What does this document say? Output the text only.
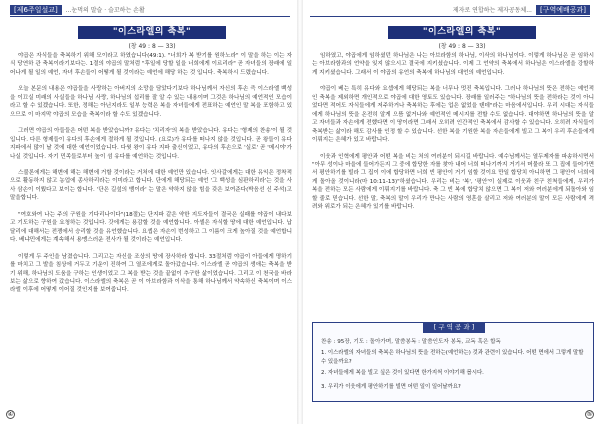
[제6주일설교]	...눈먹의 말슬 · 슬꼬하는 손활
"이스라엘의 축복"
(창 49 : 8 — 33)

야곱은 자식들을 축복하기 위해 모이라고 하였습니다(49:1). "너희가 복 받기를 원하노라" 이 말을 하는 이는 자식 당연하 관 축복이라기보다는. 1절의 야곱의 말처럼 "후일에 당할 일을 너희에게 이르리라" 곧 자녀들의 장래에 일어나게 될 일의 예언, 자녀 후손들이 어떻게 될 것이라는 예언에 해당 하는 것 입니다. 축복하시 드렸습니다.

오늘 본문의 내용은 야곱들을 사랑하는 아버지의 소망을 담았다기보다 하나님께서 자신의 후손 즉 이스라엘 백성을 이끄실 미래의 사실들을 하나님 사랑, 하나님의 섭리를 잘 알 수 있는 내용이며 그것은 하나님의 예언적인 모습이라고 할 수 있겠습니다. 또한, 정해는 아닌지라도 일부 능력은 복을 자녀들에게 전표하는 예언인 말 복을 포함하고 있으므로 이 마지막 야곱의 모습을 축복이라 할 수도 있겠습니다.

그러면 야곱의 아들들은 어떤 복을 받았습니까? 유다는 '치리자'의 복을 받았습니다. 유다는 '형제의 찬송'이 될 것입니다. 다른 형제들이 유다의 후손에게 절하게 될 것입니다. (요로)가 유다를 떠나지 않을 것입니다. 곧 왕들이 유다 지파에서 많이 날 것에 대한 예언이었습니다. 다윗 왕이 유다 지파 출신이었고, 유다의 후손으로 '실로' 곧 '메시야'가 나실 것입니다. 자기 민족들로부터 높이 섬 유다를 예언하는 것입니다.

스불론에게는 해변에 해는 해변에 거할 것이라는 거처에 대한 예언만 있습니다. 잇사갈에게는 대한 유익은 정착적으로 활동하지 않고 농업에 종사하리라는 이미라고 합니다. 단에게 해당되는 예언 '그 백성을 심판하리라'는 것을 사사 삼손이 이뤘다고 보이는 합니다. '단은 길섶의 뱀이라' 는 말은 약하지 않을 힘을 갖은 보여준다(박음선 신 주석)고 말을합니다.

"여호와여 나는 주의 구원을 기다리나이다"(18절)는 단지파 같은 약한 지도자들이 결국은 실패를 야곱이 내다보고 기도하는 구원을 요청하는 것입니다. 갓에게는 용감할 것을 예언합니다. 아셀은 자식할 땅에 대한 예언입니다. 납달리에 대해서는 전쟁에서 승리할 것을 유언했습니다. 요셉은 자손이 번성하고 그 이름이 크게 높아질 것을 예언합니다. 베냐민에게는 계속해서 용맹스러운 전사가 될 것이라는 예언입니다.

이렇게 두 주인을 남겼습니다. 그리고는 자신을 조상의 땅에 장사하라 합니다. 33절처럼 야곱이 아들에게 명하기를 마치고 그 발을 침상에 거두고 기운이 진하여 그 열조에게로 돌아갔습니다. 이스라엘 곧 야곱의 생애는 축복을 받기 위해, 하나님의 도움을 구하는 인생이었고 그 복을 받는 것을 끝없이 추구한 삶이었습니다. 그리고 이 천국을 바라보는 삶으로 향하여 갔습니다. 이스라엘의 축복은 곧 이 아브라함과 이삭을 통해 하나님께서 약속하신 축복이며 이스라엘 이후에 어떻게 이어질 것인지를 보여줍니다.

④
제자로 연합하는 제자공동체...	[구역예배공과]
"이스라엘의 축복"
(창 49 : 8 — 33)

임하였고, 야곱에게 임하셨던 하나님은 나는 아브라함의 하나님, 이삭의 하나님이다. 이렇게 하나님은 곧 임하시는 아브라함과의 언약을 잊지 않으시고 결국에 지키셨습니다. 이제 그 언약의 축복에서 하나님은 이스라엘을 강할하게 지키셨습니다. 그래서 이 야곱의 유언의 축복에 하나님의 대언의 예언입니다.

야곱이 베는 특히 유다와 요셉에게 해당되는 복을 너무나 멋진 축복입니다. 그러나 하나님의 뜻은 전하는 예언적인 축복을 제외하면 개인적으로 야곱에 대한 영토도 있습니다. 장래를 일러주는 "하나님의 뜻을 전하라는 것이 아니었다면 적어도 자식들에게 저주하거나 축복하는 후에는 업은 없었을 텐데"라는 마음에서입니다. 우리 시대는 자식들에게 하나님의 뜻을 온전히 알게 으뜸 없거나와 예언적인 메시지를 전할 수도 없습니다. 대야하면 하나님의 뜻을 알고 자녀들과 자손에게 전했다면 이 땅이라면 그래서 오히려 인간적인 축복에서 감사할 수 있습니다. 오히려 자식들이 축복받는 삶이라 해도 감사를 인정 할 수 있습니다. 선한 복을 기원한 복을 자손들에게 빌고 그 복이 우리 후손들에게 이뤄지는 은혜가 있고 바랍니다.

이웃과 인혁에게 평안과 어떤 복을 비는 처의 여러분이 되시길 바랍니다. 예수님께서는 열두제자를 파송하시면서 "아무 성이나 마을에 들어가든지 그 중에 합당한 자를 찾아 내어 너희 떠나기까지 거기서 머물라 또 그 집에 들어가면서 평안하기를 빌라 그 집이 이에 합당하면 너희 빈 평안이 거기 임할 것이요 만일 합당치 아니하면 그 평안이 너희에게 돌아올 것이니라(마 10:11-13)"하셨습니다. 우리는 비는 '복', '평안'이 실제로 이웃과 친구 친척들에게, 우리가 복을 전하는 모든 사람에게 이뤄지기를 바랍니다. 축 그 빈 복에 합당치 않으면 그 복이 저와 여러분에게 되돌아와 임할 줄로 믿습니다. 선한 말, 축복의 말이 우리가 만나는 사람의 영혼을 살리고 저와 여러분의 말이 모든 사람에게 격려와 위로가 되는 은혜가 있기를 바랍니다.

[ 구 역 공 과 ]
찬송 : 95장, 기도 : 돌아가며, 말씀봉독 : 말씀인도자 봉독, 교독 혹은 합독
1. 이스라엘의 자녀들의 축복은 하나님의 뜻을 전하는(예언하는) 것과 관련이 있습니다. 어떤 면에서 그렇게 말할 수 있을까요?
2. 자녀들에게 복을 빌고 싶은 것이 있다면 한가지씩 이야기해 봅시다.
3. 우리가 이웃에게 평안하기를 빌면 어떤 일이 일어날까요?
⑤
